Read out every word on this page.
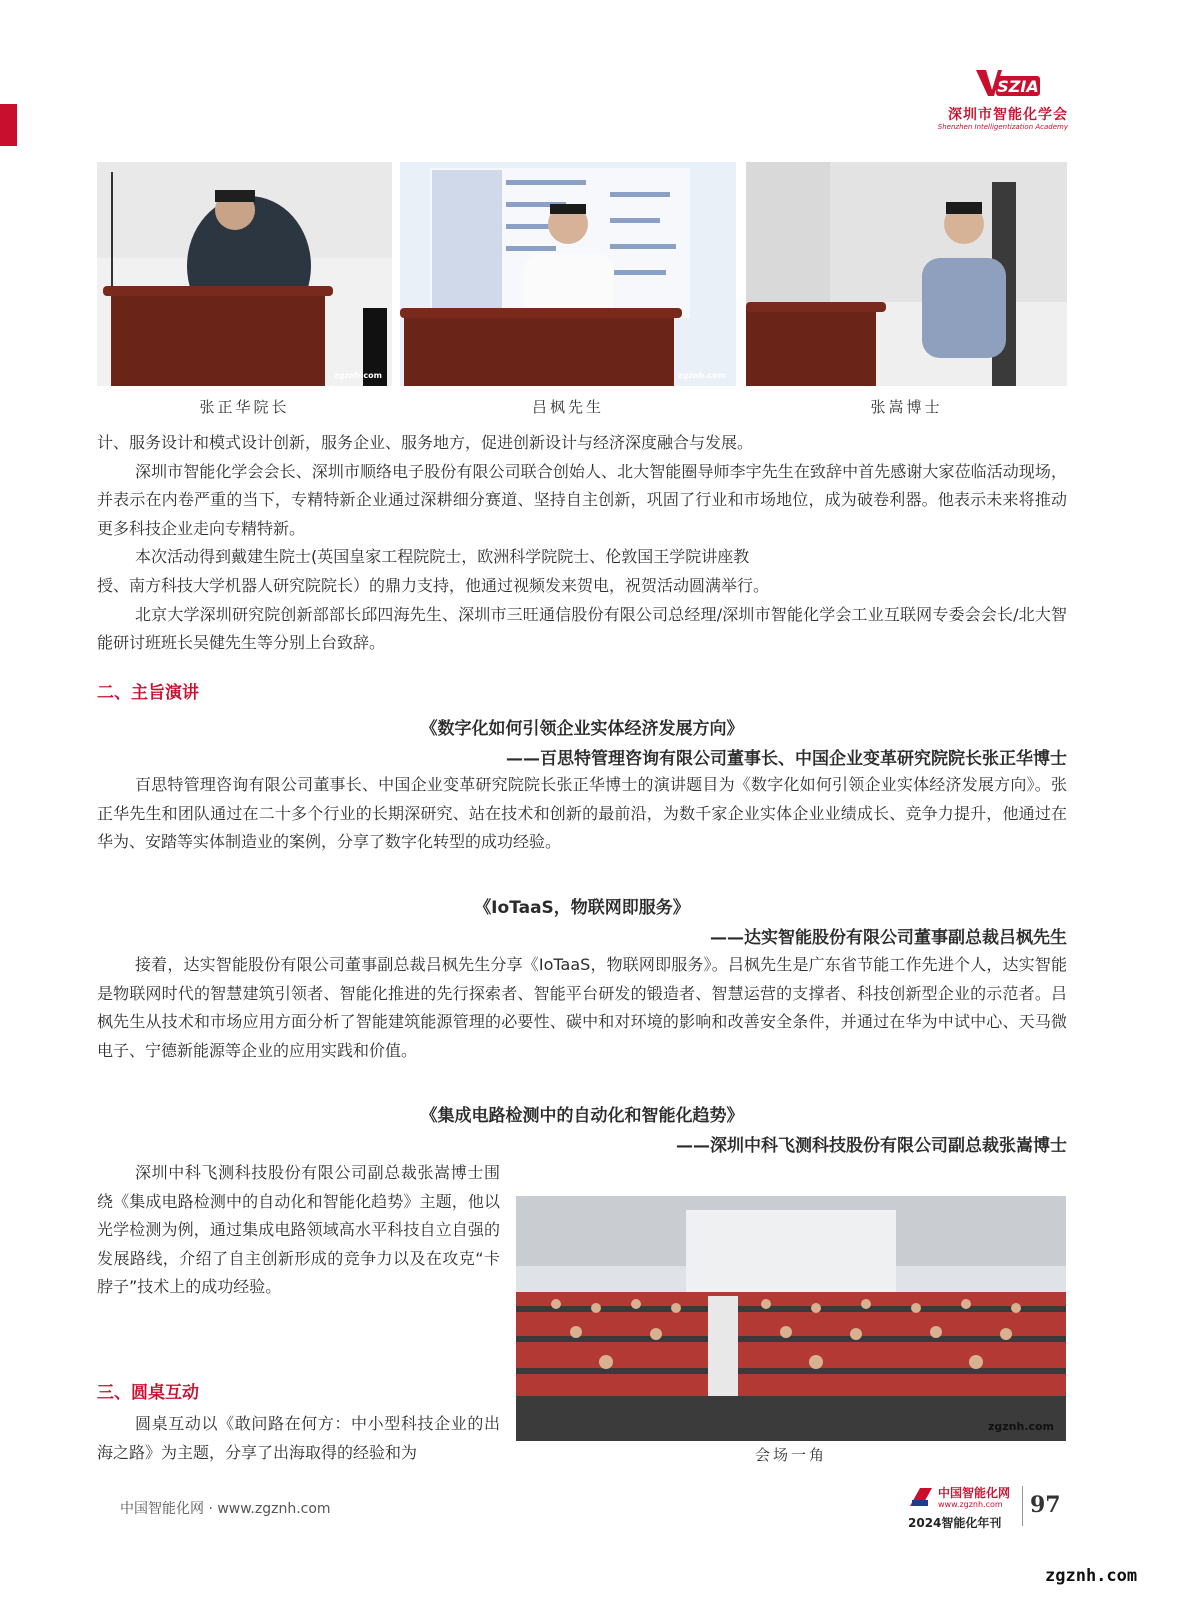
SZIA
深圳市智能化学会
Shenzhen Intelligentization Academy
zgznh.com	zgznh.com
张正华院长	吕枫先生	张嵩博士

计、服务设计和模式设计创新，服务企业、服务地方，促进创新设计与经济深度融合与发展。

深圳市智能化学会会长、深圳市顺络电子股份有限公司联合创始人、北大智能圈导师李宇先生在致辞中首先感谢大家莅临活动现场，并表示在内卷严重的当下，专精特新企业通过深耕细分赛道、坚持自主创新，巩固了行业和市场地位，成为破卷利器。他表示未来将推动更多科技企业走向专精特新。

本次活动得到戴建生院士(英国皇家工程院院士，欧洲科学院院士、伦敦国王学院讲座教

授、南方科技大学机器人研究院院长）的鼎力支持，他通过视频发来贺电，祝贺活动圆满举行。

北京大学深圳研究院创新部部长邱四海先生、深圳市三旺通信股份有限公司总经理/深圳市智能化学会工业互联网专委会会长/北大智能研讨班班长吴健先生等分别上台致辞。

二、主旨演讲
《数字化如何引领企业实体经济发展方向》
——百思特管理咨询有限公司董事长、中国企业变革研究院院长张正华博士

百思特管理咨询有限公司董事长、中国企业变革研究院院长张正华博士的演讲题目为《数字化如何引领企业实体经济发展方向》。张正华先生和团队通过在二十多个行业的长期深研究、站在技术和创新的最前沿，为数千家企业实体企业业绩成长、竞争力提升，他通过在华为、安踏等实体制造业的案例，分享了数字化转型的成功经验。

《IoTaaS，物联网即服务》
——达实智能股份有限公司董事副总裁吕枫先生

接着，达实智能股份有限公司董事副总裁吕枫先生分享《IoTaaS，物联网即服务》。吕枫先生是广东省节能工作先进个人，达实智能是物联网时代的智慧建筑引领者、智能化推进的先行探索者、智能平台研发的锻造者、智慧运营的支撑者、科技创新型企业的示范者。吕枫先生从技术和市场应用方面分析了智能建筑能源管理的必要性、碳中和对环境的影响和改善安全条件，并通过在华为中试中心、天马微电子、宁德新能源等企业的应用实践和价值。

《集成电路检测中的自动化和智能化趋势》
——深圳中科飞测科技股份有限公司副总裁张嵩博士

深圳中科飞测科技股份有限公司副总裁张嵩博士围绕《集成电路检测中的自动化和智能化趋势》主题，他以光学检测为例，通过集成电路领域高水平科技自立自强的发展路线，介绍了自主创新形成的竞争力以及在攻克“卡脖子”技术上的成功经验。

三、圆桌互动

圆桌互动以《敢问路在何方：中小型科技企业的出海之路》为主题，分享了出海取得的经验和为

zgznh.com
会场一角
中国智能化网 · www.zgznh.com
中国智能化网
www.zgznh.com
2024智能化年刊
97
zgznh.com
